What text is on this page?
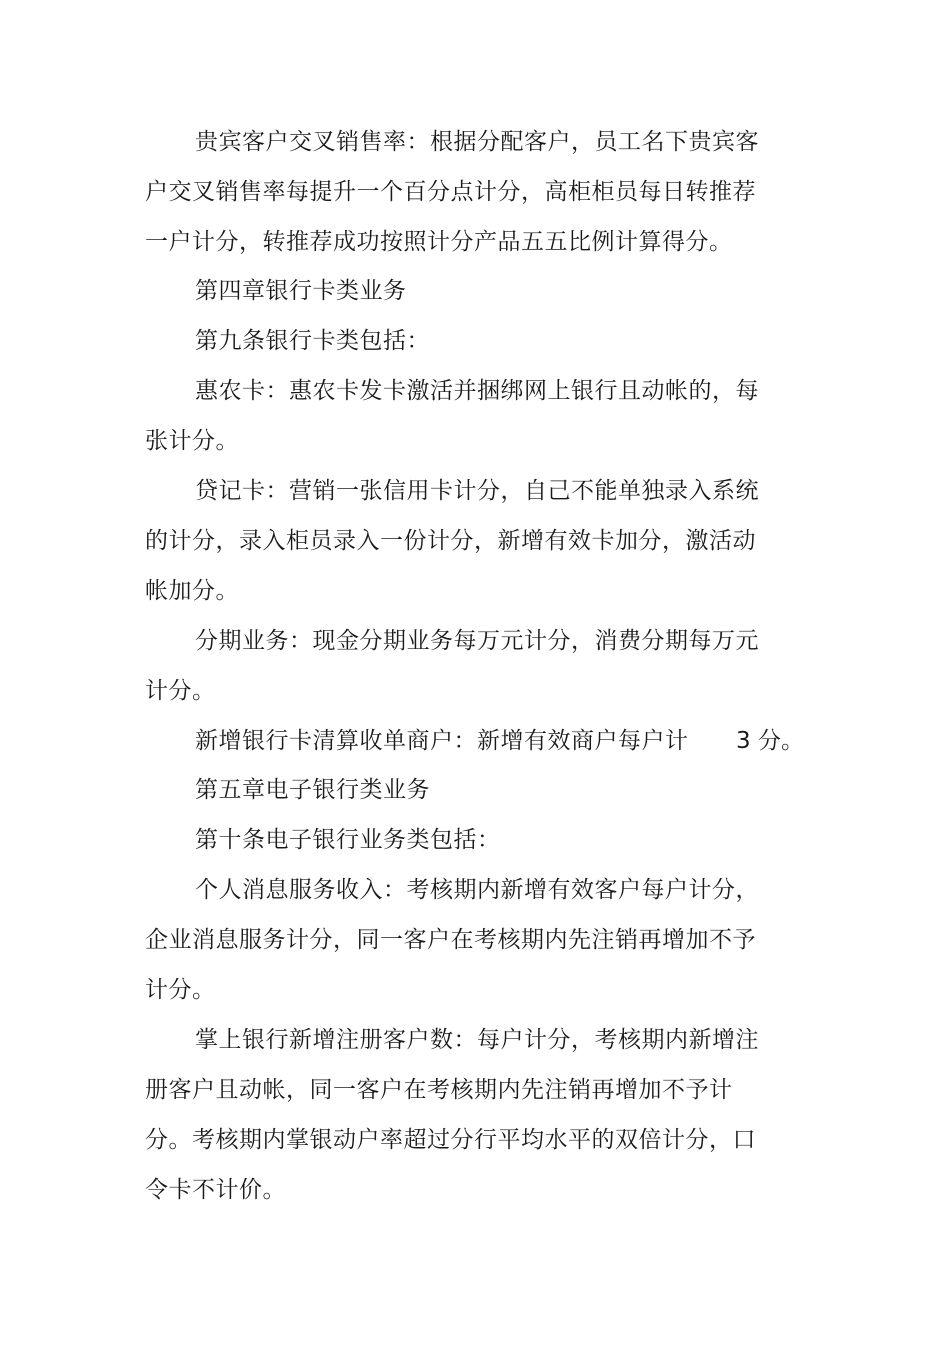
贵宾客户交叉销售率：根据分配客户，员工名下贵宾客
户交叉销售率每提升一个百分点计分，高柜柜员每日转推荐
一户计分，转推荐成功按照计分产品五五比例计算得分。
第四章银行卡类业务
第九条银行卡类包括：
惠农卡：惠农卡发卡激活并捆绑网上银行且动帐的，每
张计分。
贷记卡：营销一张信用卡计分，自己不能单独录入系统
的计分，录入柜员录入一份计分，新增有效卡加分，激活动
帐加分。
分期业务：现金分期业务每万元计分，消费分期每万元
计分。
新增银行卡清算收单商户：新增有效商户每户计 3 分。
第五章电子银行类业务
第十条电子银行业务类包括：
个人消息服务收入：考核期内新增有效客户每户计分，
企业消息服务计分，同一客户在考核期内先注销再增加不予
计分。
掌上银行新增注册客户数：每户计分，考核期内新增注
册客户且动帐，同一客户在考核期内先注销再增加不予计
分。考核期内掌银动户率超过分行平均水平的双倍计分，口
令卡不计价。
